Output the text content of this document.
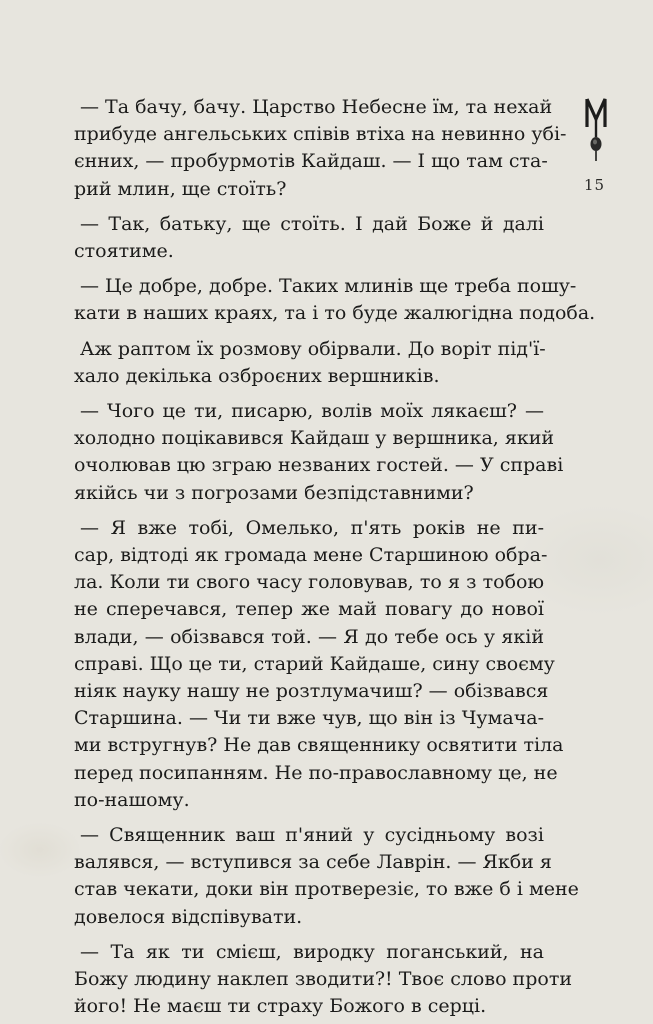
15
— Та бачу, бачу. Царство Небесне їм, та нехай
прибуде ангельських співів втіха на невинно убі-
єнних, — пробурмотів Кайдаш. — І що там ста-
рий млин, ще стоїть?
— Так, батьку, ще стоїть. І дай Боже й далі
стоятиме.
— Це добре, добре. Таких млинів ще треба пошу-
кати в наших краях, та і то буде жалюгідна подоба.
Аж раптом їх розмову обірвали. До воріт під'ї-
хало декілька озброєних вершників.
— Чого це ти, писарю, волів моїх лякаєш? —
холодно поцікавився Кайдаш у вершника, який
очолював цю зграю незваних гостей. — У справі
якійсь чи з погрозами безпідставними?
— Я вже тобі, Омелько, п'ять років не пи-
сар, відтоді як громада мене Старшиною обра-
ла. Коли ти свого часу головував, то я з тобою
не сперечався, тепер же май повагу до нової
влади, — обізвався той. — Я до тебе ось у якій
справі. Що це ти, старий Кайдаше, сину своєму
ніяк науку нашу не розтлумачиш? — обізвався
Старшина. — Чи ти вже чув, що він із Чумача-
ми встругнув? Не дав священнику освятити тіла
перед посипанням. Не по-православному це, не
по-нашому.
— Священник ваш п'яний у сусідньому возі
валявся, — вступився за себе Лаврін. — Якби я
став чекати, доки він протверезіє, то вже б і мене
довелося відспівувати.
— Та як ти смієш, виродку поганський, на
Божу людину наклеп зводити?! Твоє слово проти
його! Не маєш ти страху Божого в серці.
